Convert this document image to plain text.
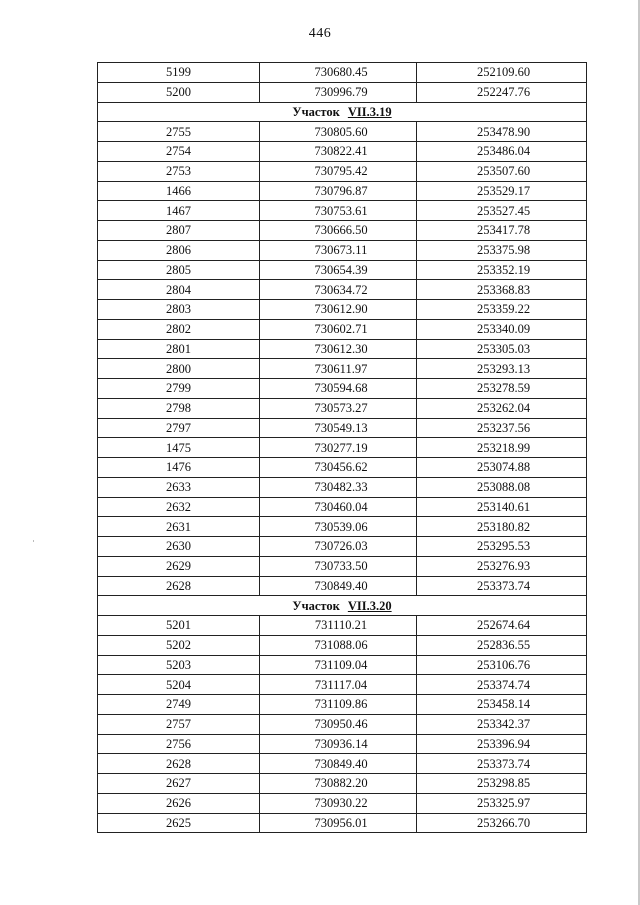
446
5199	730680.45	252109.60
5200	730996.79	252247.76
Участок VII.3.19		
2755	730805.60	253478.90
2754	730822.41	253486.04
2753	730795.42	253507.60
1466	730796.87	253529.17
1467	730753.61	253527.45
2807	730666.50	253417.78
2806	730673.11	253375.98
2805	730654.39	253352.19
2804	730634.72	253368.83
2803	730612.90	253359.22
2802	730602.71	253340.09
2801	730612.30	253305.03
2800	730611.97	253293.13
2799	730594.68	253278.59
2798	730573.27	253262.04
2797	730549.13	253237.56
1475	730277.19	253218.99
1476	730456.62	253074.88
2633	730482.33	253088.08
2632	730460.04	253140.61
2631	730539.06	253180.82
2630	730726.03	253295.53
2629	730733.50	253276.93
2628	730849.40	253373.74
Участок VII.3.20		
5201	731110.21	252674.64
5202	731088.06	252836.55
5203	731109.04	253106.76
5204	731117.04	253374.74
2749	731109.86	253458.14
2757	730950.46	253342.37
2756	730936.14	253396.94
2628	730849.40	253373.74
2627	730882.20	253298.85
2626	730930.22	253325.97
2625	730956.01	253266.70
